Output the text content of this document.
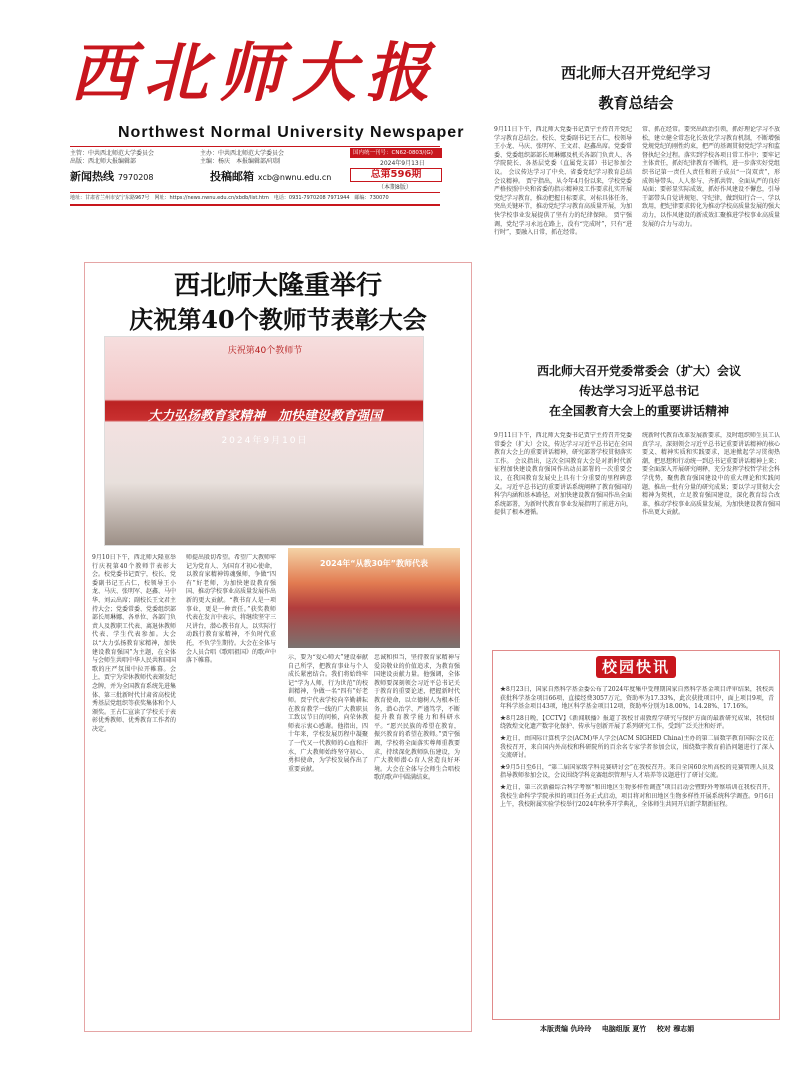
西北师大报
Northwest Normal University Newspaper
主管：中共西北师范大学委员会
出版：西北师大报编辑部
主办：中共西北师范大学委员会
主编：杨庆　本报编辑部/印制
国内统一刊号：CN62-0803/(G)
2024年9月13日
总第596期
（本期8版）
新闻热线 7970208	投稿邮箱 xcb@nwnu.edu.cn
地址：甘肃省兰州市安宁东路967号　网址：https://news.nwnu.edu.cn/xbdb/list.htm　电话：0931-7970208 7971944　邮编：730070
西北师大隆重举行
庆祝第40个教师节表彰大会
庆祝第40个教师节
大力弘扬教育家精神　加快建设教育强国
2024年9月10日
2024年“从教30年”教师代表
9月10日下午，西北师大隆重举行庆祝第40个教师节表彰大会。校党委书记贾宁，校长、党委副书记王占仁，校领导王小龙、马庆、张明军、赵鑫、马中华、刘云出席；副校长王文君主持大会；党委常委、党委组织部部长周琳娜、各单位、各部门负责人及教职工代表、离退休教师代表、学生代表参加。大会以“大力弘扬教育家精神，加快建设教育强国”为主题，在全体与会师生共唱中华人民共和国国歌的庄严氛围中拉开帷幕。会上，贾宁为荣休教师代表颁发纪念牌，并为全国教育系统先进集体、第三批新时代甘肃省高校优秀基层党组织等获奖集体和个人颁奖。王占仁宣读了学校关于表彰优秀教师、优秀教育工作者的决定。
师提出殷切希望。希望广大教师牢记为党育人、为国育才初心使命，以教育家精神铸魂强师，争做“四有”好老师，为加快建设教育强国、推动学校事业高质量发展作出新的更大贡献。“教书育人是一项事业，更是一种责任。”获奖教师代表在发言中表示，将继续坚守三尺讲台，潜心教书育人，以实际行动践行教育家精神，不负时代重托，不负学生期待。大会在全体与会人员合唱《歌唱祖国》的歌声中落下帷幕。	示，要为“爱心师大”建设奉献自己所学，把教育事业与个人成长紧密结合。我们将始终牢记“学为人师，行为世范”的校训精神，争做一名“四有”好老师。贾宁代表学校向辛勤耕耘在教育教学一线的广大教职员工致以节日的问候，向荣休教师表示衷心感谢。他指出，四十年来，学校发展历程中凝聚了一代又一代教师的心血和汗水，广大教师始终坚守初心、勇担使命，为学校发展作出了重要贡献。
忠诚和担当，坚持教育家精神与爱岗敬业的价值追求，为教育强国建设贡献力量。他强调，全体教师要深刻领会习近平总书记关于教育的重要论述，把握新时代教育使命，以立德树人为根本任务，潜心治学、严谨笃学，不断提升教育教学能力和科研水平。“愿兴民族的希望在教育，振兴教育的希望在教师。”贾宁强调，学校将全面落实尊师重教要求，持续深化教师队伍建设，为广大教师潜心育人营造良好环境。大会在全体与会师生合唱校歌的歌声中圆满结束。
西北师大召开党纪学习
教育总结会
9月11日下午，西北师大党委书记贾宁主持召开党纪学习教育总结会。校长、党委副书记王占仁，校领导王小龙、马庆、张明军、王文君、赵鑫出席。党委常委、党委组织部部长周琳娜及机关各部门负责人、各学院院长、各基层党委（直属党支部）书记参加会议。 会议传达学习了中央、省委党纪学习教育总结会议精神。 贾宁指出，从今年4月份以来，学校党委严格按照中央和省委的指示精神及工作要求扎实开展党纪学习教育，推动把握日标要求，对标具体任务，突出关键环节，推动党纪学习教育高质量开展，为加快学校事业发展提供了坚有力的纪律保障。 贾宁强调，党纪学习永远在路上，没有“完成时”，只有“进行时”，要融入日常，抓在经常。
常、抓在经常。要突出政治引领，抓好理论学习不放松，建立健全常态化长效化学习教育机制，不断增强党规党纪的刚性约束，把严的基调贯彻党纪学习和监督执纪全过程。落实到学校各项日常工作中；要牢记主体责任，抓好纪律教育不断档，进一步落实好党组织书记第一责任人责任和班子成员“一岗双责”，形成领导带头、人人参与、齐抓共管、全面从严的良好局面；要彰显实际成效，抓好作风建设不懈怠，引导干部带头自觉讲规矩、守纪律，做到知行合一、学以致用，把纪律要求转化为推动学校高质量发展的强大动力，以作风建设的新成效汇聚推进学校事业高质量发展的合力与动力。
西北师大召开党委常委会（扩大）会议
传达学习习近平总书记
在全国教育大会上的重要讲话精神
9月11日下午，西北师大党委书记贾宁主持召开党委常委会（扩大）会议，传达学习习近平总书记在全国教育大会上的重要讲话精神，研究部署学校贯彻落实工作。 会议指出，这次全国教育大会是对新时代新征程加快建设教育强国作出动员部署的一次重要会议，在我国教育发展史上具有十分重要的里程碑意义。习近平总书记的重要讲话系统阐释了教育强国的科学内涵和基本路径，对加快建设教育强国作出全面系统部署，为新时代教育事业发展指明了前进方向，提供了根本遵循。
统新时代教育改革发展新要求，及时组织师生员工认真学习，深刻领会习近平总书记重要讲话精神的核心要义、精神实质和实践要求，迅速掀起学习贯彻热潮，把思想和行动统一到总书记重要讲话精神上来；要全面深入开展研究阐释，充分发挥学校哲学社会科学优势，聚焦教育强国建设中的重大理论和实践问题，推出一批有分量的研究成果；要以学习贯彻大会精神为契机，立足教育强国建设，深化教育综合改革，推动学校事业高质量发展，为加快建设教育强国作出更大贡献。
校园快讯

★8月23日，国家自然科学基金委公布了2024年度集中受理期国家自然科学基金项目评审结果，我校共获批科学基金项目66项，直接经费3057万元，资助率为17.33%，此次获批项目中，面上项目9项，青年科学基金项目43项，地区科学基金项目12项，资助率分别为18.00%、14.28%、17.16%。

★8月28日晚，【CCTV】《新闻联播》报道了我校甘肃敦煌学研究与保护方面的最新研究成果，我校围绕敦煌文化遗产数字化保护、传承与创新开展了系列研究工作，受到广泛关注和好评。

★近日，由国际计算机学会(ACM)华人学会(ACM SIGHED China)主办的第二届数字教育国际会议在我校召开，来自国内外高校和科研院所的百余名专家学者参加会议，围绕数字教育前沿问题进行了深入交流研讨。

★9月5日至6日，“第二届国家级学科竞赛研讨会”在我校召开。来自全国60余所高校的竞赛管理人员及指导教师参加会议，会议围绕学科竞赛组织管理与人才培养等议题进行了研讨交流。

★近日，第三次新疆综合科学考察“和田地区生物多样性调查”项目启动会暨野外考察培训在我校召开，我校生命科学学院承担的项目任务正式启动，项目将对和田地区生物多样性开展系统科学调查。9月6日上午，我校附属实验学校举行2024年秋季开学典礼，全体师生共同开启新学期新征程。

本版责编 仇玲玲 电脑组版 夏竹 校对 穆志娟
